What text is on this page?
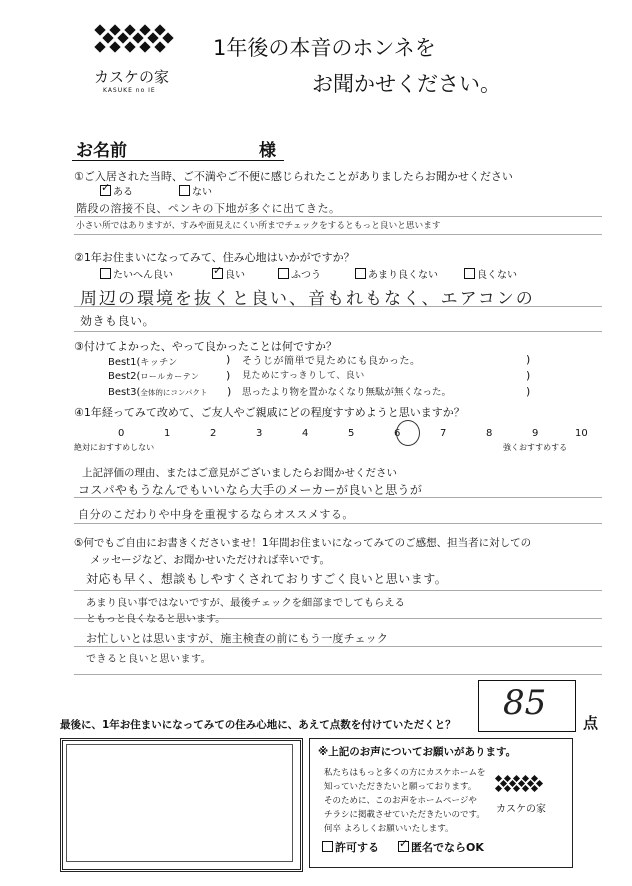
カスケの家
KASUKE no IE
1年後の本音のホンネを
お聞かせください。
お名前	様
①ご入居された当時、ご不満やご不便に感じられたことがありましたらお聞かせください
✓ある	ない
階段の溶接不良、ペンキの下地が多ぐに出てきた。
小さい所ではありますが、すみや面見えにくい所までチェックをするともっと良いと思います
②1年お住まいになってみて、住み心地はいかがですか？
たいへん良い ✓	良い	ふつう	あまり良くない	良くない
周辺の環境を抜くと良い、音もれもなく、エアコンの
効きも良い。
③付けてよかった、やって良かったことは何ですか？
Best1(キッチン	) そうじが簡単で見ためにも良かった。	)
Best2(ロールカーテン ) 見ためにすっきりして、良い	)
Best3(全体的にコンパクト ) 思ったより物を置かなくなり無駄が無くなった。	)
④1年経ってみて改めて、ご友人やご親戚にどの程度すすめようと思いますか？
0	1	2	3	4	5	6	7	8	9	10
絶対におすすめしない	強くおすすめする
上記評価の理由、またはご意見がございましたらお聞かせください
コスパやもうなんでもいいなら大手のメーカーが良いと思うが
自分のこだわりや中身を重視するならオススメする。
⑤何でもご自由にお書きくださいませ！1年間お住まいになってみてのご感想、担当者に対しての
メッセージなど、お聞かせいただければ幸いです。
対応も早く、想談もしやすくされておりすごく良いと思います。
あまり良い事ではないですが、最後チェックを細部までしてもらえる
ともっと良くなると思います。
お忙しいとは思いますが、施主検査の前にもう一度チェック
できると良いと思います。
85 点
最後に、1年お住まいになってみての住み心地に、あえて点数を付けていただくと？
※上記のお声についてお願いがあります。
私たちはもっと多くの方にカスケホームを
知っていただきたいと願っております。
そのために、このお声をホームページや
チラシに掲載させていただきたいのです。
何卒 よろしくお願いいたします。
カスケの家
許可する ✓	匿名でならOK
